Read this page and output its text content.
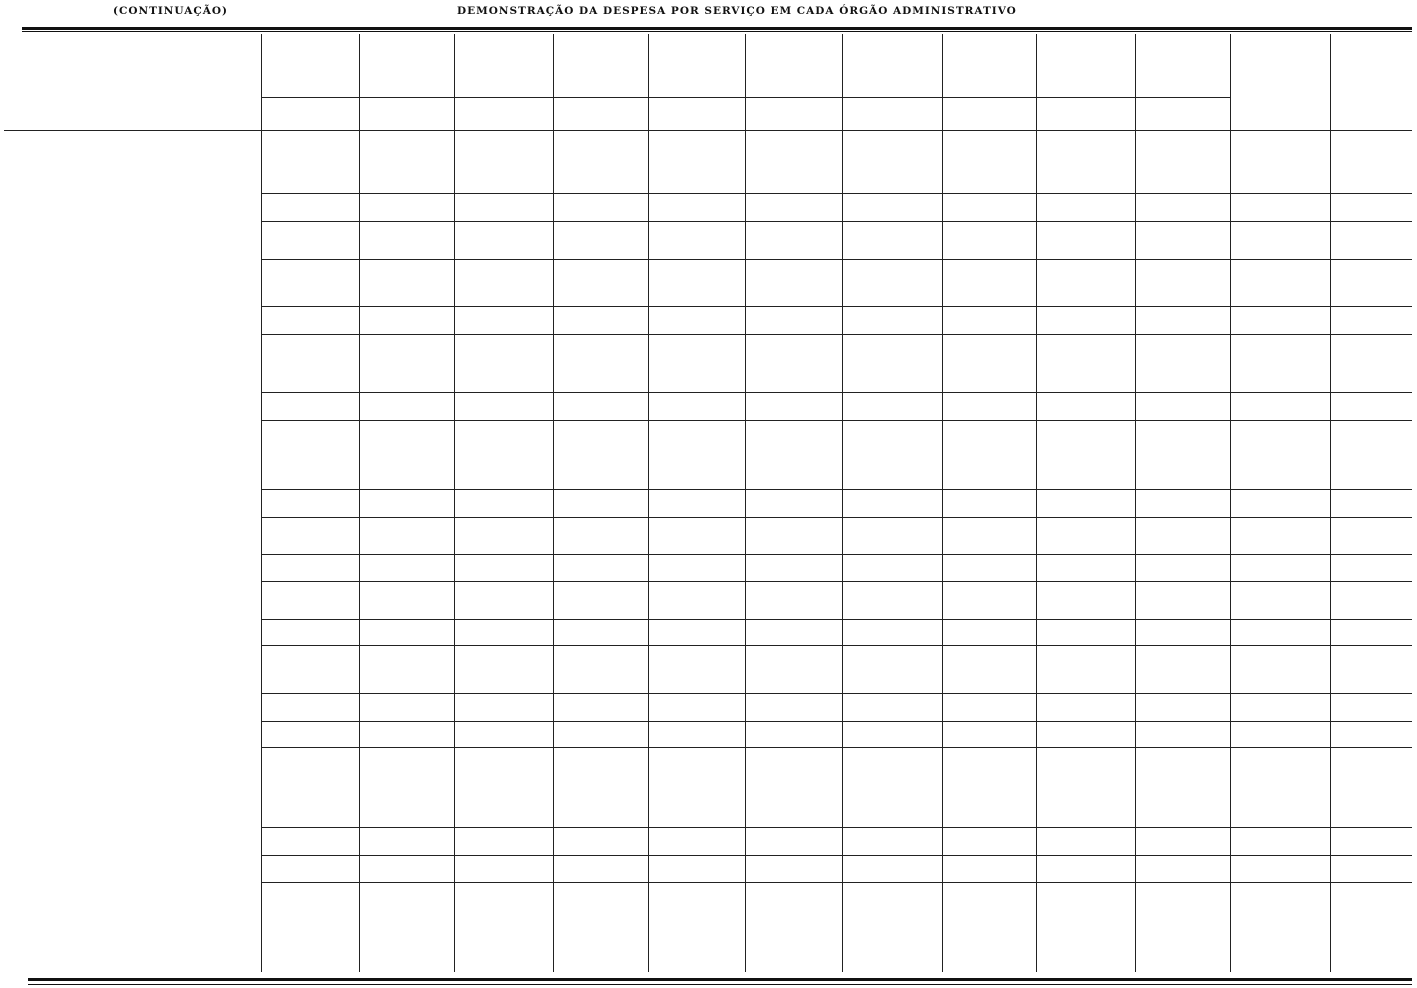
(CONTINUAÇÃO)	DEMONSTRAÇÃO DA DESPESA POR SERVIÇO EM CADA ÓRGÃO ADMINISTRATIVO
